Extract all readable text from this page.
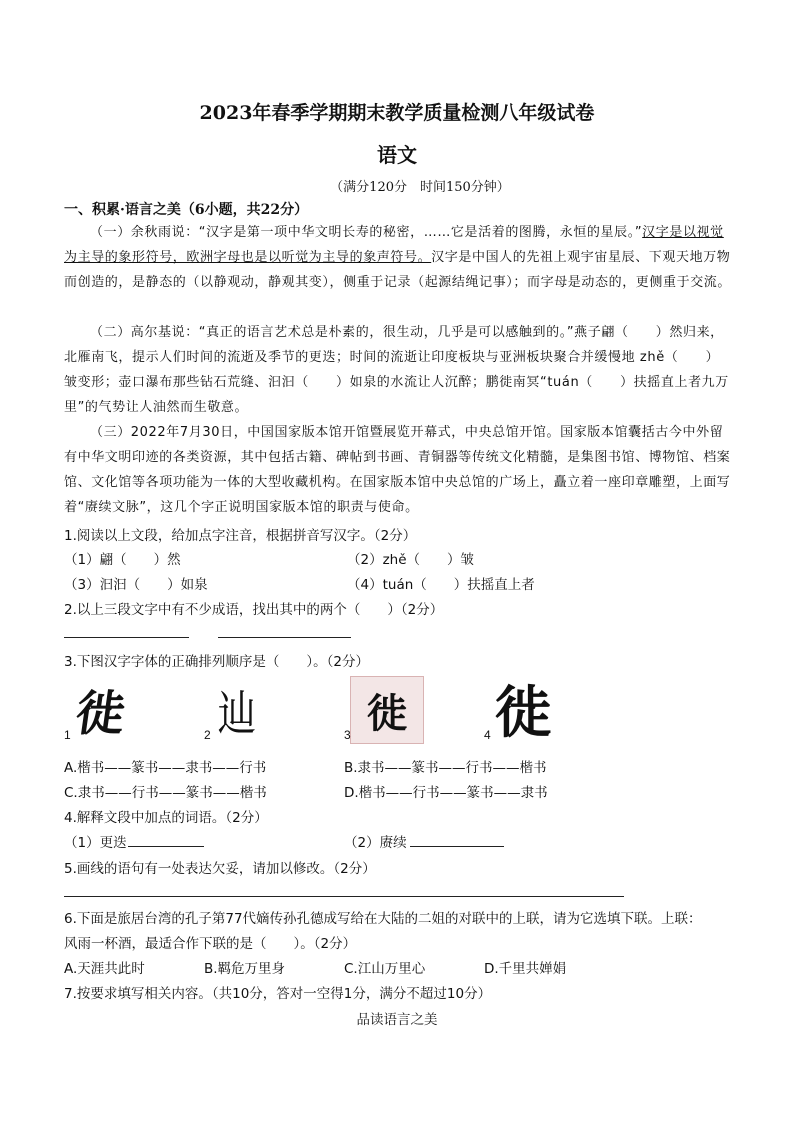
2023年春季学期期末教学质量检测八年级试卷
语文
（满分120分　时间150分钟）
一、积累·语言之美（6小题，共22分）

（一）余秋雨说：“汉字是第一项中华文明长寿的秘密，……它是活着的图腾，永恒的星辰。”汉字是以视觉为主导的象形符号，欧洲字母也是以听觉为主导的象声符号。汉字是中国人的先祖上观宇宙星辰、下观天地万物而创造的，是静态的（以静观动，静观其变），侧重于记录（起源结绳记事）；而字母是动态的，更侧重于交流。

（二）高尔基说：“真正的语言艺术总是朴素的，很生动，几乎是可以感触到的。”燕子翩（　　）然归来，北雁南飞，提示人们时间的流逝及季节的更迭；时间的流逝让印度板块与亚洲板块聚合并缓慢地 zhě（　　）皱变形；壶口瀑布那些钻石荒缝、汩汩（　　）如泉的水流让人沉醉；鹏徙南冥“tuán（　　）扶摇直上者九万里”的气势让人油然而生敬意。

（三）2022年7月30日，中国国家版本馆开馆暨展览开幕式，中央总馆开馆。国家版本馆囊括古今中外留有中华文明印迹的各类资源，其中包括古籍、碑帖到书画、青铜器等传统文化精髓，是集图书馆、博物馆、档案馆、文化馆等各项功能为一体的大型收藏机构。在国家版本馆中央总馆的广场上，矗立着一座印章雕塑，上面写着“赓续文脉”，这几个字正说明国家版本馆的职责与使命。

1.阅读以上文段，给加点字注音，根据拼音写汉字。（2分）
（1）翩（　　）然	（2）zhě（　　）皱
（3）汩汩（　　）如泉	（4）tuán（　　）扶摇直上者
2.以上三段文字中有不少成语，找出其中的两个（　　）（2分）
3.下图汉字字体的正确排列顺序是（　　）。（2分）
徙 辿	徙 徙
1	2	3	4
A.楷书——篆书——隶书——行书	B.隶书——篆书——行书——楷书
C.隶书——行书——篆书——楷书	D.楷书——行书——篆书——隶书
4.解释文段中加点的词语。（2分）
（1）更迭	（2）赓续
5.画线的语句有一处表达欠妥，请加以修改。（2分）
6.下面是旅居台湾的孔子第77代嫡传孙孔德成写给在大陆的二姐的对联中的上联，请为它选填下联。上联：
风雨一杯酒，最适合作下联的是（　　）。（2分）
A.天涯共此时	B.羁危万里身	C.江山万里心	D.千里共婵娟
7.按要求填写相关内容。（共10分，答对一空得1分，满分不超过10分）
品读语言之美
